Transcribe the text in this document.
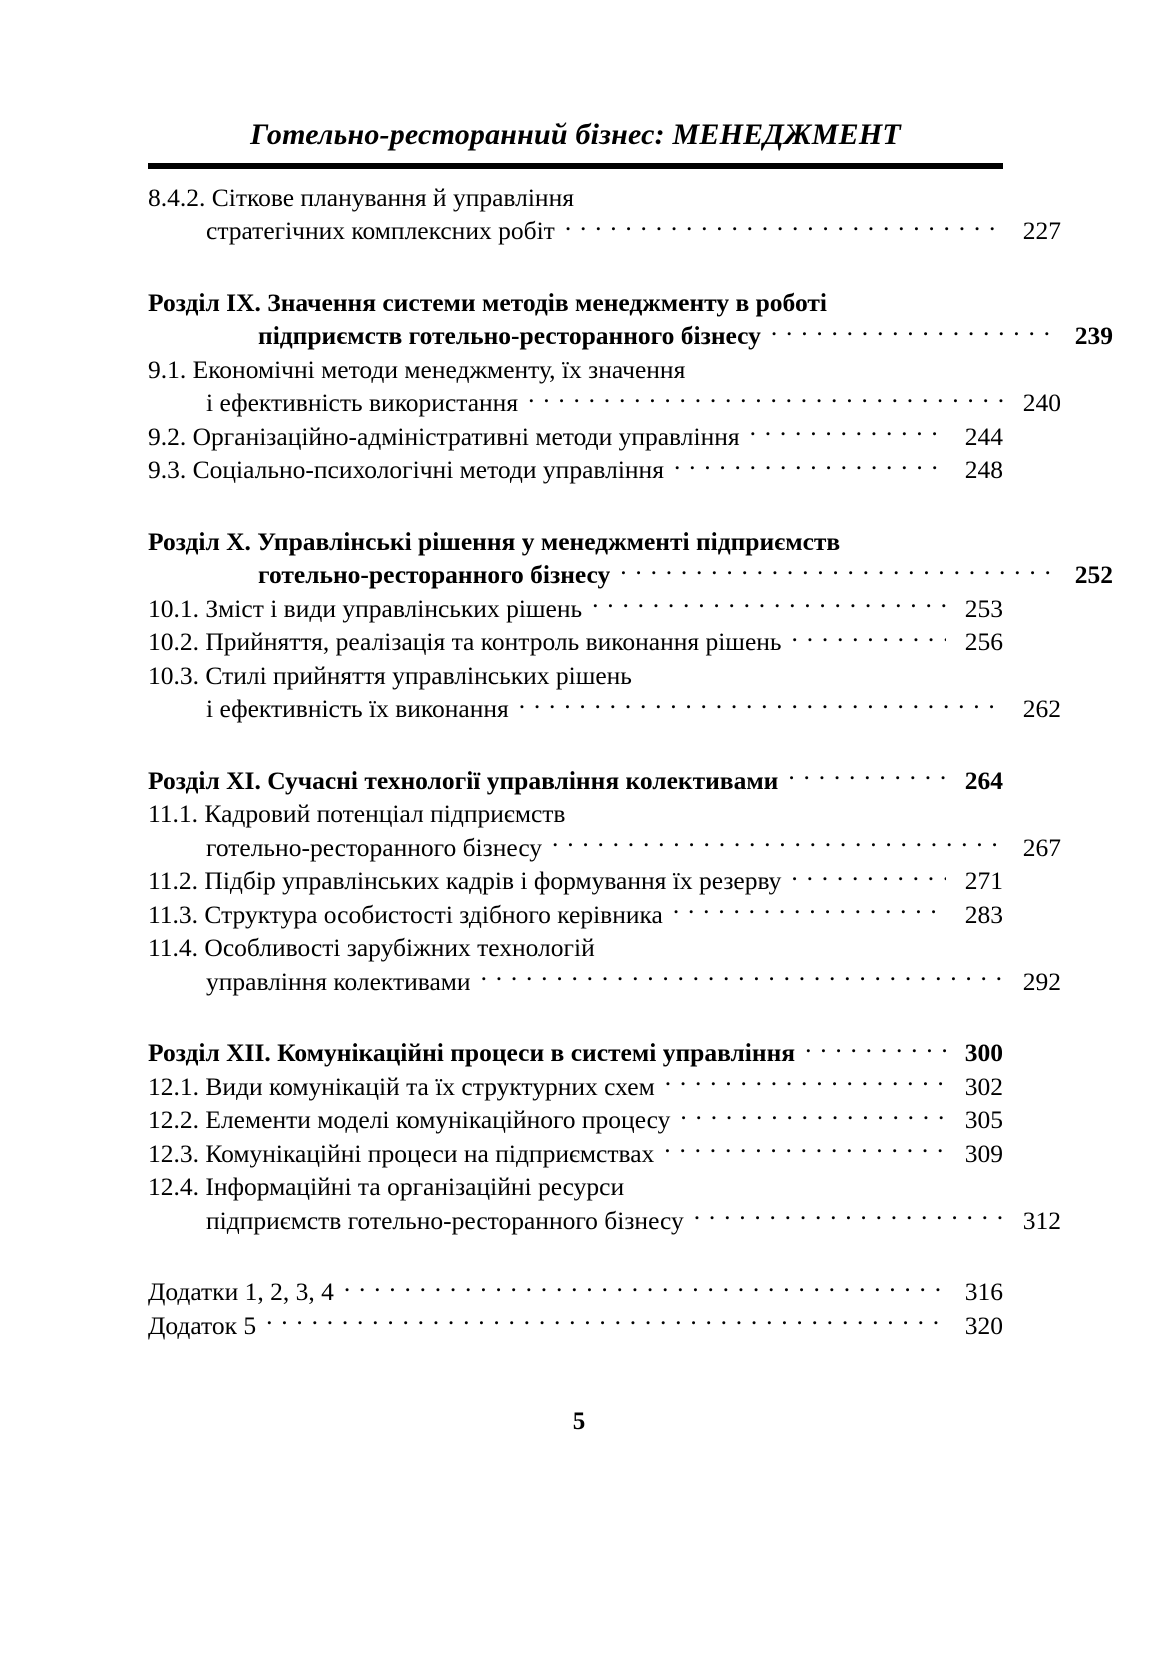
Готельно-ресторанний бізнес: МЕНЕДЖМЕНТ
8.4.2. Сіткове планування й управління
стратегічних комплексних робіт . . .	227
Розділ IX. Значення системи методів менеджменту в роботі
підприємств готельно-ресторанного бізнесу . . .	239
9.1. Економічні методи менеджменту, їх значення
і ефективність використання . . .	240
9.2. Організаційно-адміністративні методи управління . . .	244
9.3. Соціально-психологічні методи управління . . .	248
Розділ X. Управлінські рішення у менеджменті підприємств
готельно-ресторанного бізнесу . . .	252
10.1. Зміст і види управлінських рішень . . .	253
10.2. Прийняття, реалізація та контроль виконання рішень . . .	256
10.3. Стилі прийняття управлінських рішень
і ефективність їх виконання . . .	262
Розділ XI. Сучасні технології управління колективами . . .	264
11.1. Кадровий потенціал підприємств
готельно-ресторанного бізнесу . . .	267
11.2. Підбір управлінських кадрів і формування їх резерву . . .	271
11.3. Структура особистості здібного керівника . . .	283
11.4. Особливості зарубіжних технологій
управління колективами . . .	292
Розділ XII. Комунікаційні процеси в системі управління . . .	300
12.1. Види комунікацій та їх структурних схем . . .	302
12.2. Елементи моделі комунікаційного процесу . . .	305
12.3. Комунікаційні процеси на підприємствах . . .	309
12.4. Інформаційні та організаційні ресурси
підприємств готельно-ресторанного бізнесу . . .	312
Додатки 1, 2, 3, 4 . . .	316
Додаток 5 . . .	320
5
